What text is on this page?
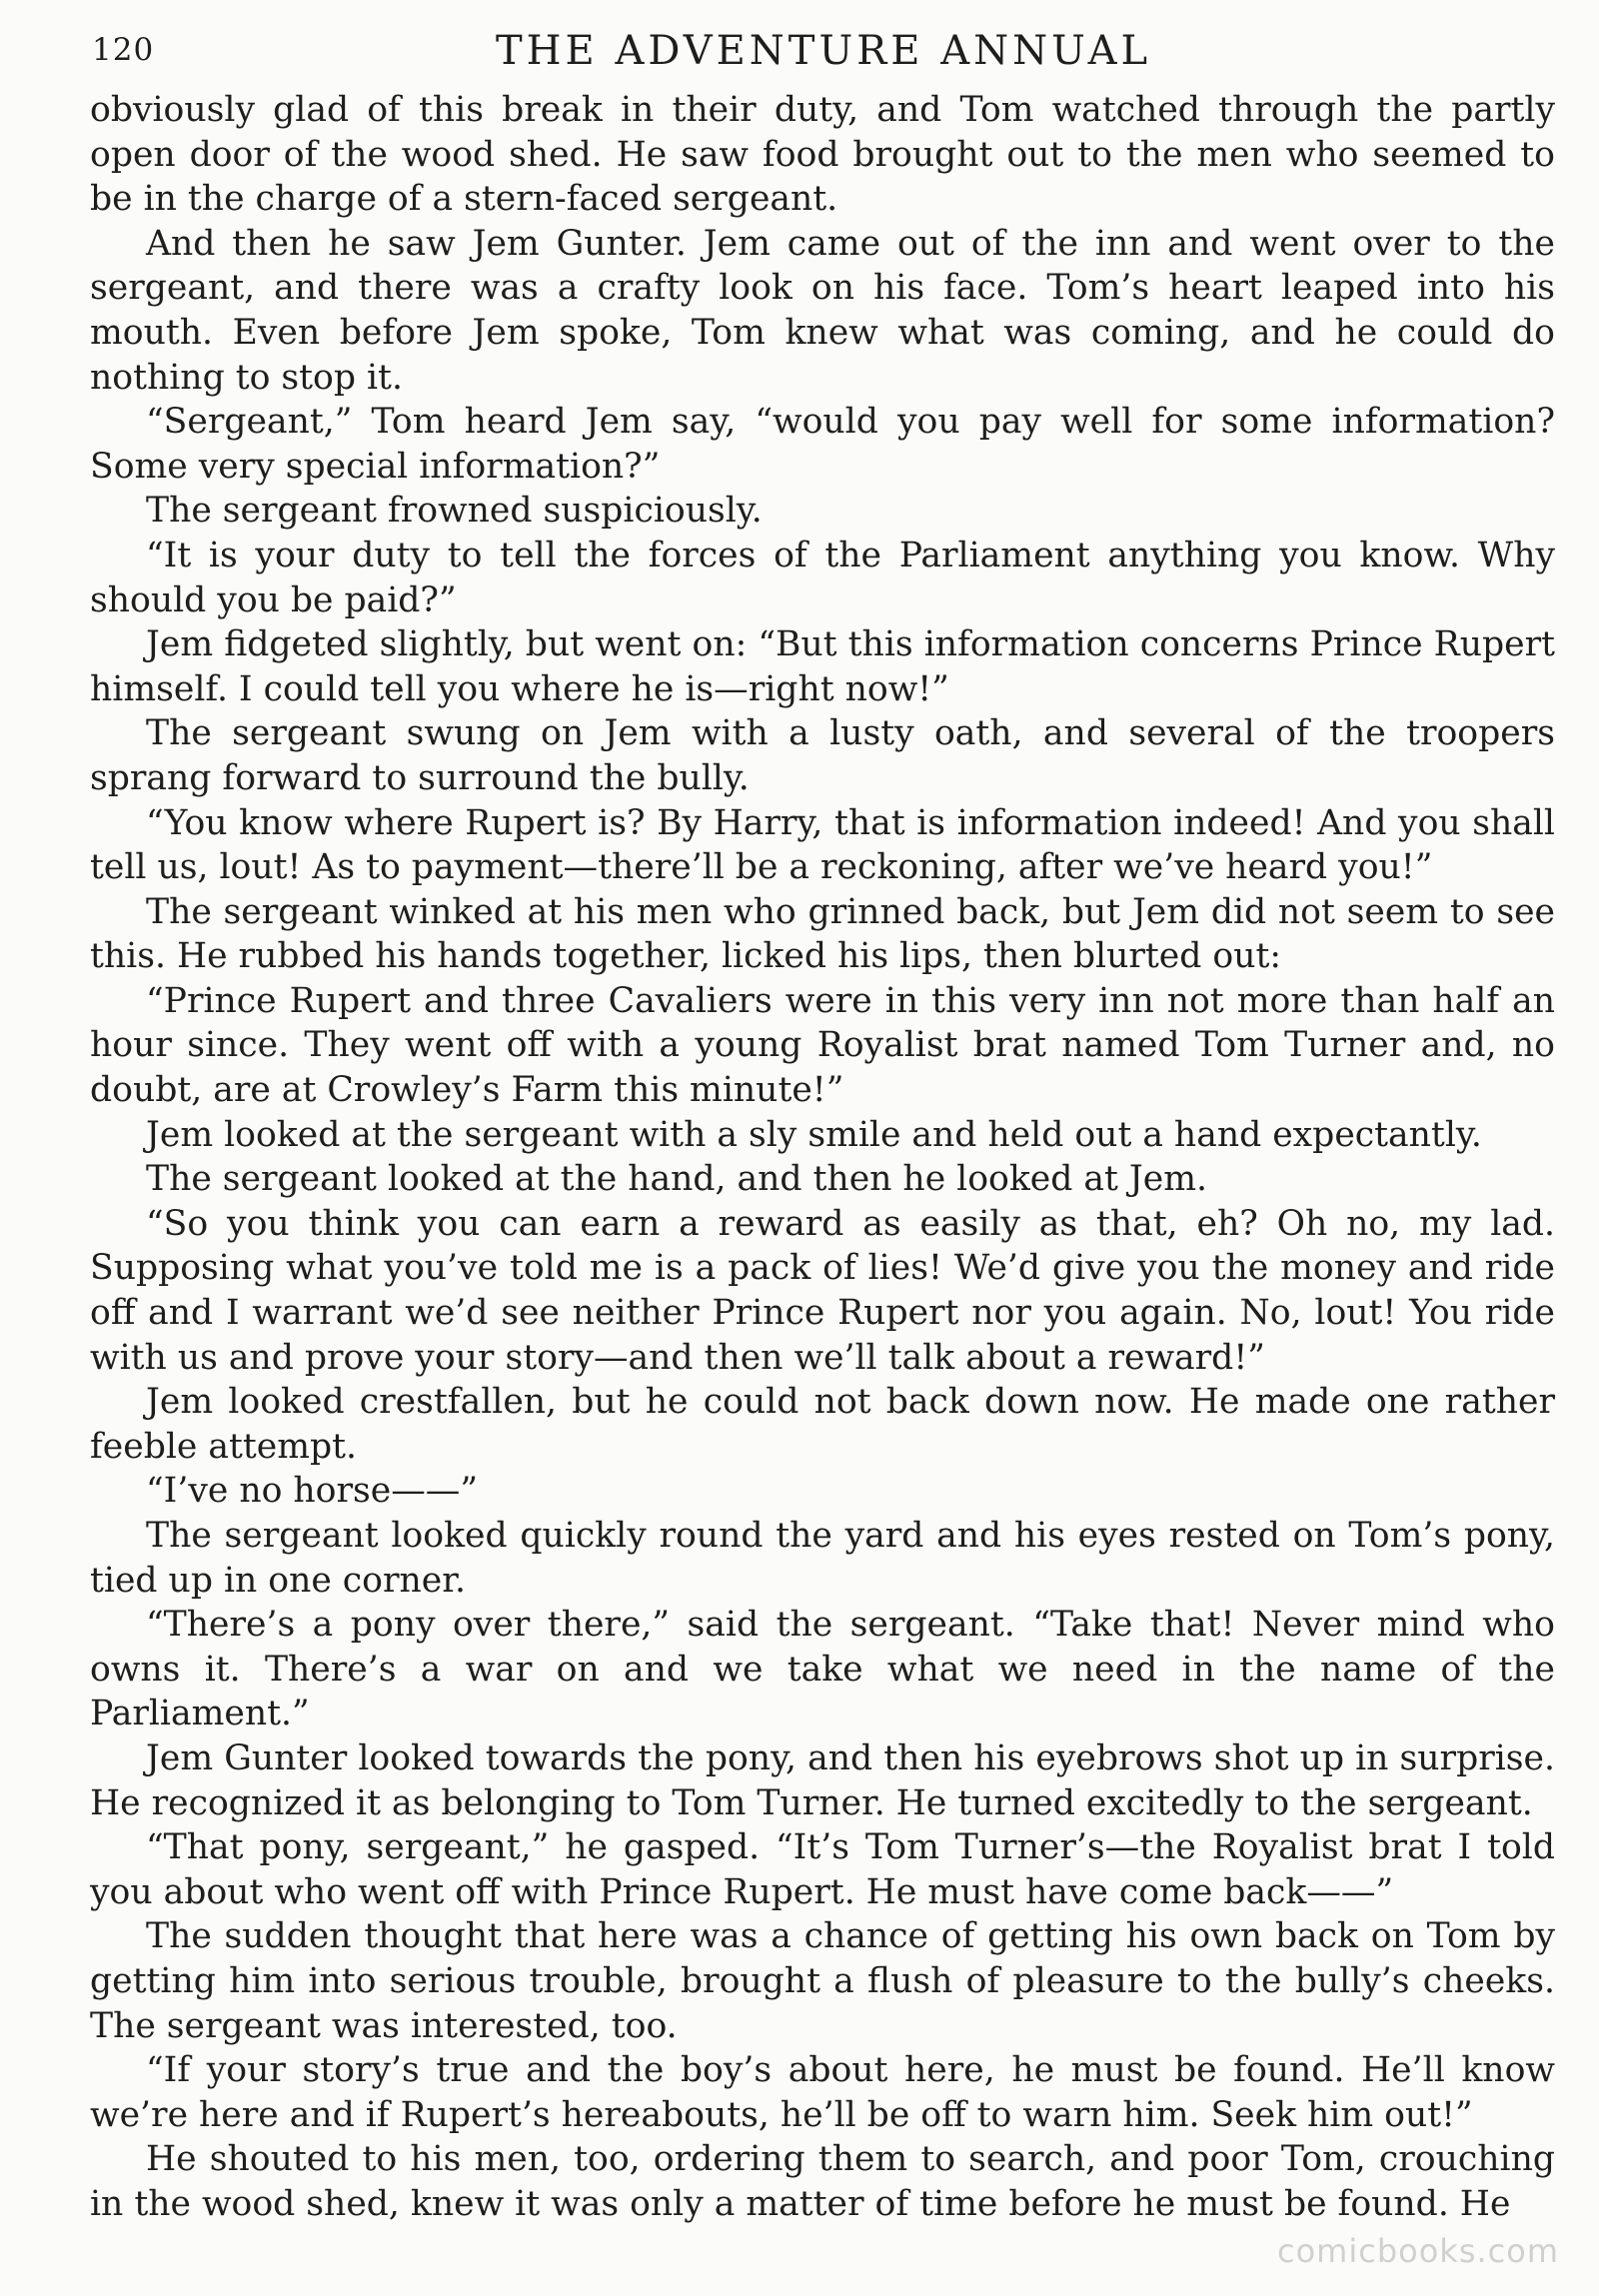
120	THE ADVENTURE ANNUAL

obviously glad of this break in their duty, and Tom watched through the partly open door of the wood shed. He saw food brought out to the men who seemed to be in the charge of a stern-faced sergeant.

And then he saw Jem Gunter. Jem came out of the inn and went over to the sergeant, and there was a crafty look on his face. Tom’s heart leaped into his mouth. Even before Jem spoke, Tom knew what was coming, and he could do nothing to stop it.

“Sergeant,” Tom heard Jem say, “would you pay well for some information? Some very special information?”

The sergeant frowned suspiciously.

“It is your duty to tell the forces of the Parliament anything you know. Why should you be paid?”

Jem fidgeted slightly, but went on: “But this information concerns Prince Rupert himself. I could tell you where he is—right now!”

The sergeant swung on Jem with a lusty oath, and several of the troopers sprang forward to surround the bully.

“You know where Rupert is? By Harry, that is information indeed! And you shall tell us, lout! As to payment—there’ll be a reckoning, after we’ve heard you!”

The sergeant winked at his men who grinned back, but Jem did not seem to see this. He rubbed his hands together, licked his lips, then blurted out:

“Prince Rupert and three Cavaliers were in this very inn not more than half an hour since. They went off with a young Royalist brat named Tom Turner and, no doubt, are at Crowley’s Farm this minute!”

Jem looked at the sergeant with a sly smile and held out a hand expectantly.

The sergeant looked at the hand, and then he looked at Jem.

“So you think you can earn a reward as easily as that, eh? Oh no, my lad. Supposing what you’ve told me is a pack of lies! We’d give you the money and ride off and I warrant we’d see neither Prince Rupert nor you again. No, lout! You ride with us and prove your story—and then we’ll talk about a reward!”

Jem looked crestfallen, but he could not back down now. He made one rather feeble attempt.

“I’ve no horse——”

The sergeant looked quickly round the yard and his eyes rested on Tom’s pony, tied up in one corner.

“There’s a pony over there,” said the sergeant. “Take that! Never mind who owns it. There’s a war on and we take what we need in the name of the Parliament.”

Jem Gunter looked towards the pony, and then his eyebrows shot up in surprise. He recognized it as belonging to Tom Turner. He turned excitedly to the sergeant.

“That pony, sergeant,” he gasped. “It’s Tom Turner’s—the Royalist brat I told you about who went off with Prince Rupert. He must have come back——”

The sudden thought that here was a chance of getting his own back on Tom by getting him into serious trouble, brought a flush of pleasure to the bully’s cheeks. The sergeant was interested, too.

“If your story’s true and the boy’s about here, he must be found. He’ll know we’re here and if Rupert’s hereabouts, he’ll be off to warn him. Seek him out!”

He shouted to his men, too, ordering them to search, and poor Tom, crouching in the wood shed, knew it was only a matter of time before he must be found. He

comicbooks.com
